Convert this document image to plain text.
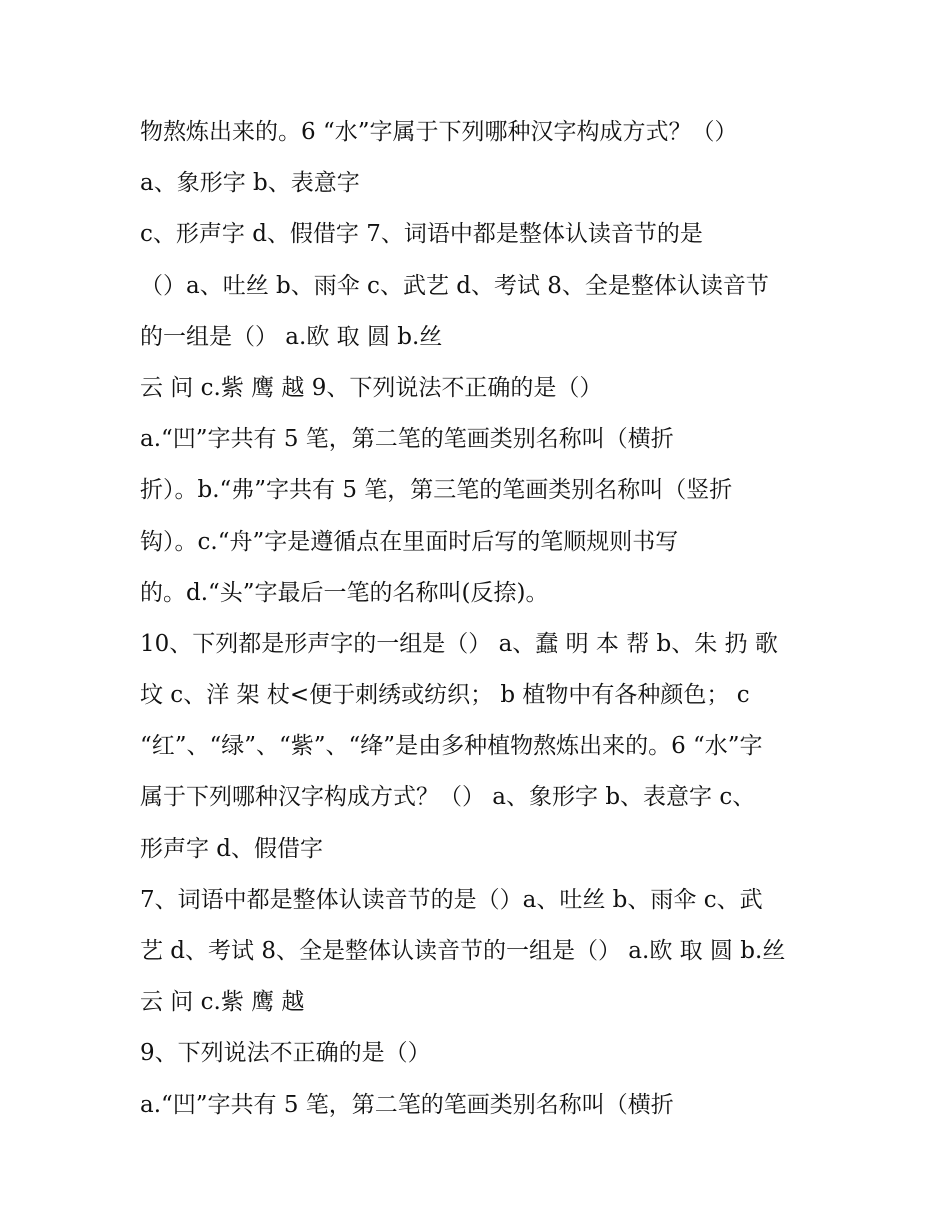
物熬炼出来的。6 “水”字属于下列哪种汉字构成方式？（）
a、象形字 b、表意字
c、形声字 d、假借字 7、词语中都是整体认读音节的是
（）a、吐丝 b、雨伞 c、武艺 d、考试 8、全是整体认读音节
的一组是（） a.欧 取 圆 b.丝
云 问 c.紫 鹰 越 9、下列说法不正确的是（）
a.“凹”字共有 5 笔，第二笔的笔画类别名称叫（横折
折）。b.“弗”字共有 5 笔，第三笔的笔画类别名称叫（竖折
钩）。c.“舟”字是遵循点在里面时后写的笔顺规则书写
的。d.“头”字最后一笔的名称叫(反捺)。
10、下列都是形声字的一组是（） a、蠢 明 本 帮 b、朱 扔 歌
坟 c、洋 架 杖<便于刺绣或纺织； b 植物中有各种颜色； c
“红”、“绿”、“紫”、“绛”是由多种植物熬炼出来的。6 “水”字
属于下列哪种汉字构成方式？（） a、象形字 b、表意字 c、
形声字 d、假借字
7、词语中都是整体认读音节的是（）a、吐丝 b、雨伞 c、武
艺 d、考试 8、全是整体认读音节的一组是（） a.欧 取 圆 b.丝
云 问 c.紫 鹰 越
9、下列说法不正确的是（）
a.“凹”字共有 5 笔，第二笔的笔画类别名称叫（横折
